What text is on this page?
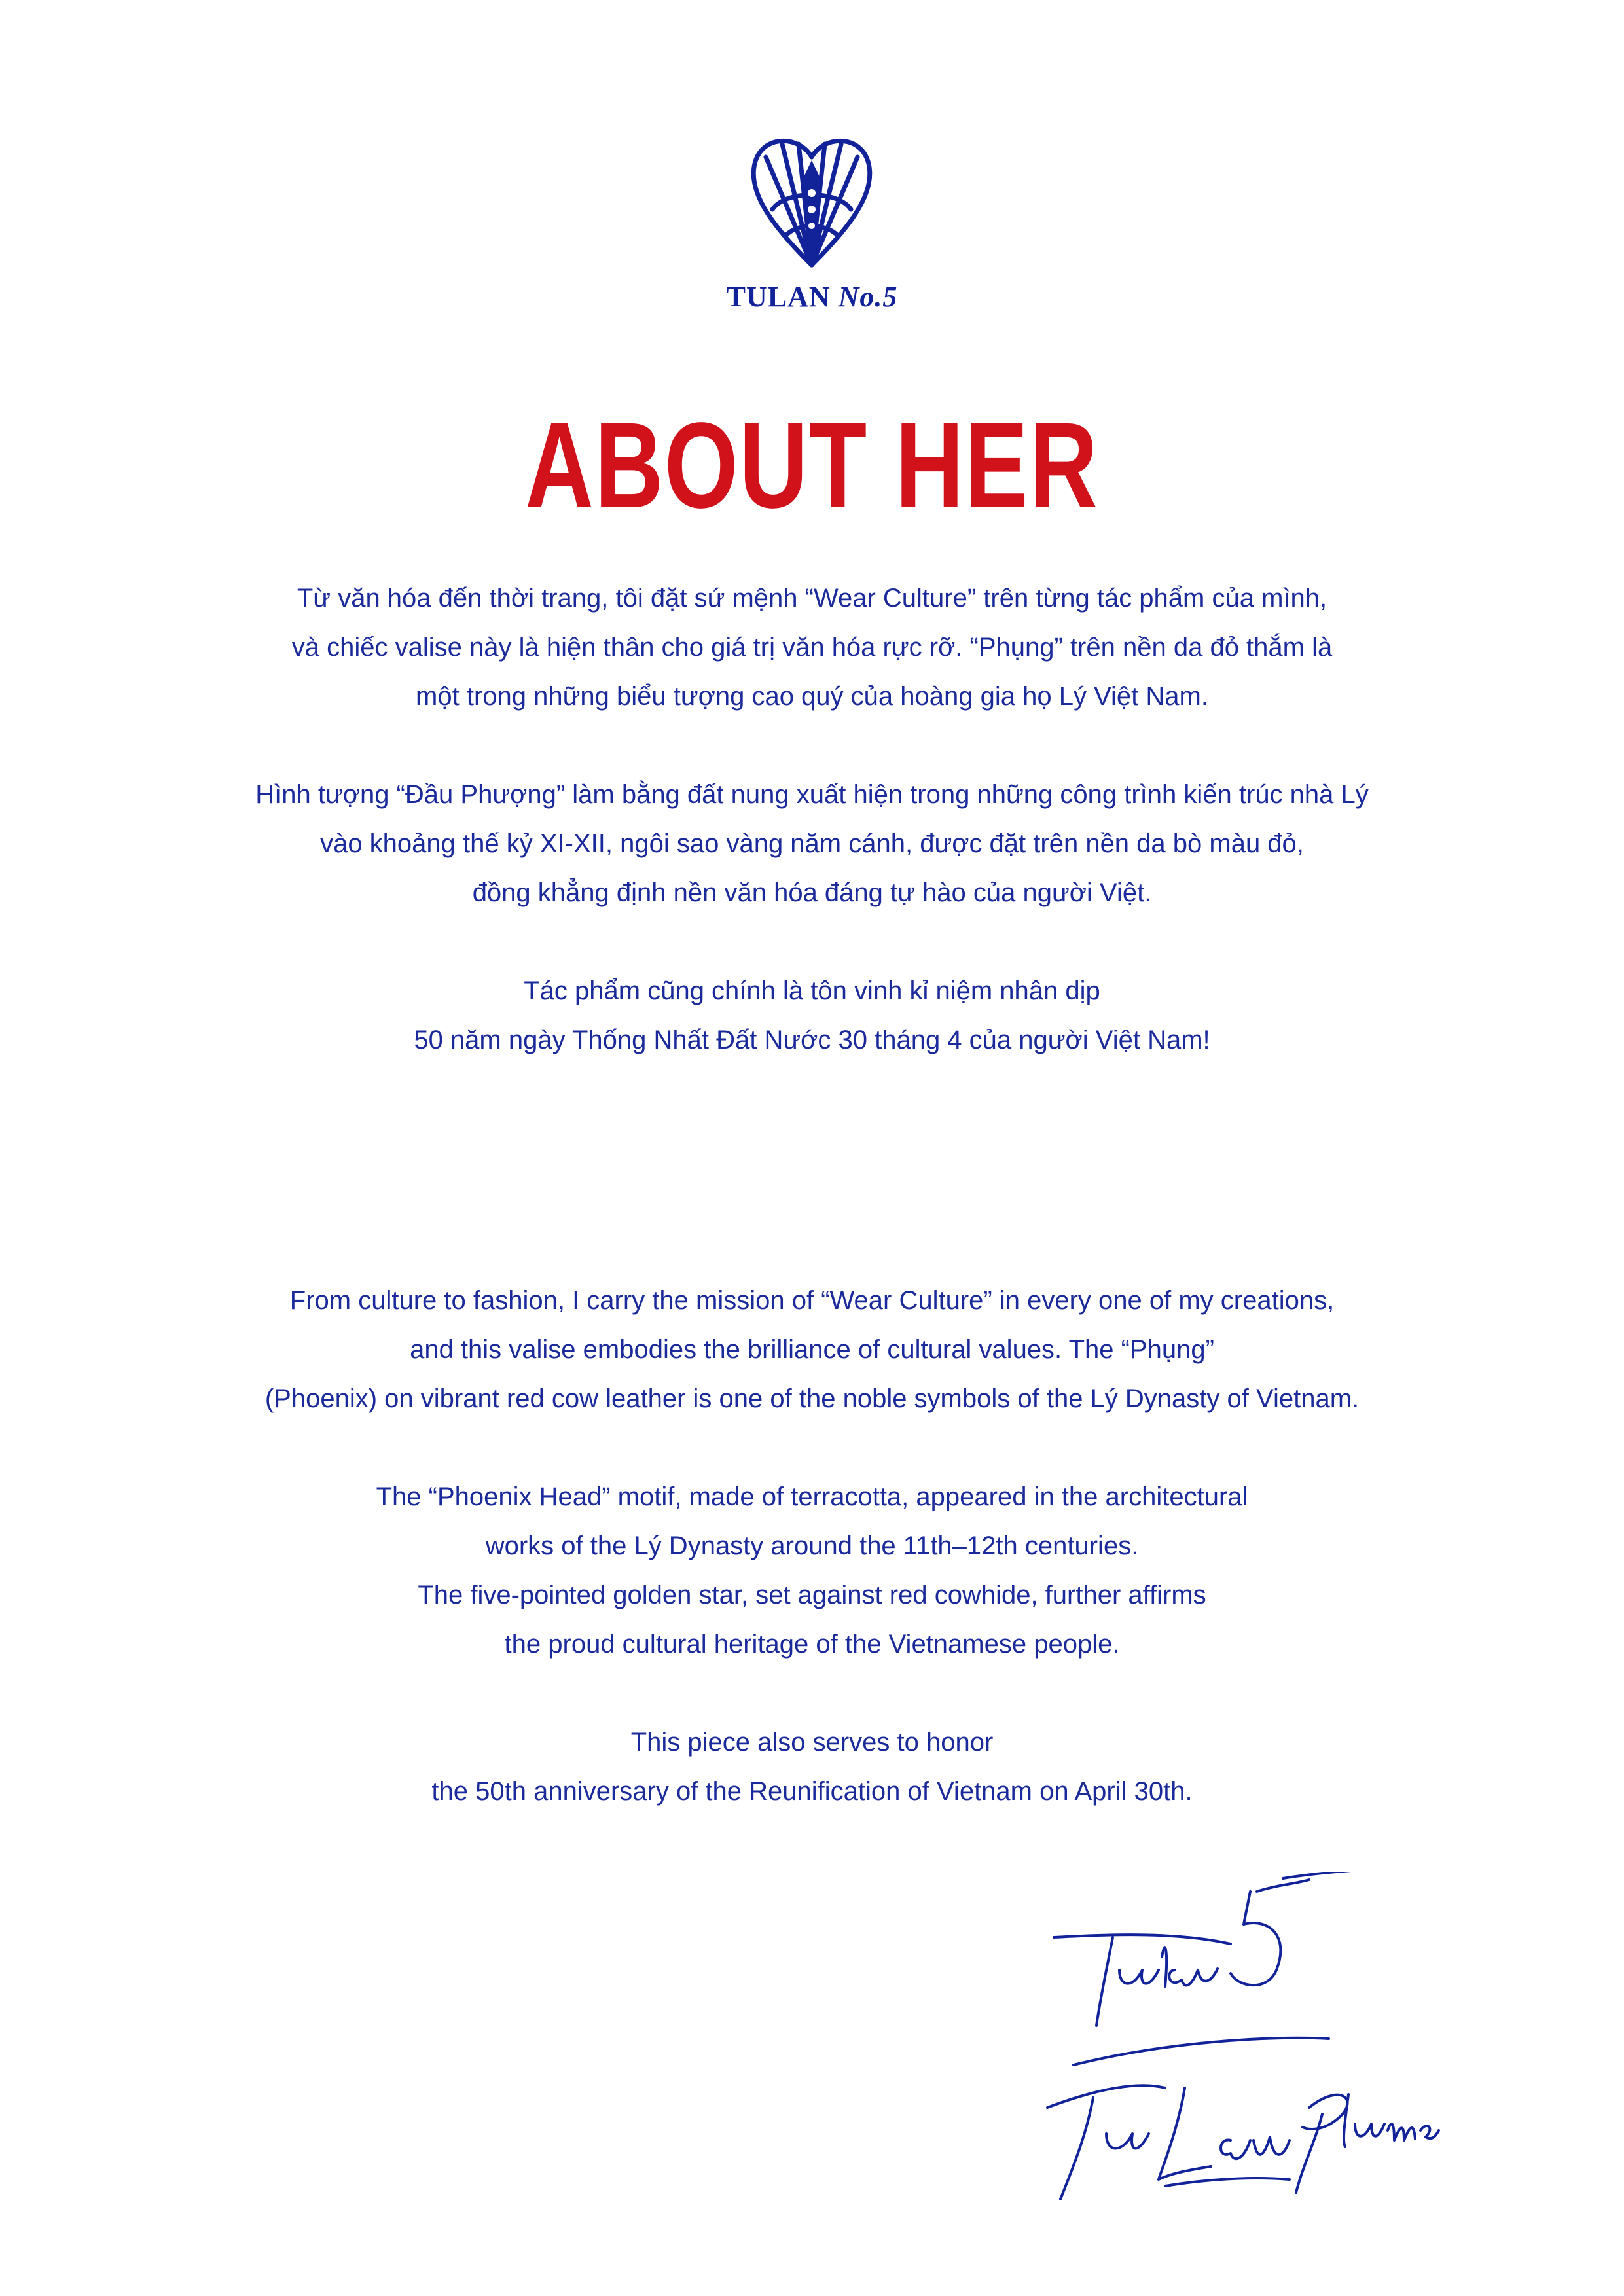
TULAN No.5
ABOUT HER

Từ văn hóa đến thời trang, tôi đặt sứ mệnh “Wear Culture” trên từng tác phẩm của mình,
và chiếc valise này là hiện thân cho giá trị văn hóa rực rỡ. “Phụng” trên nền da đỏ thắm là
một trong những biểu tượng cao quý của hoàng gia họ Lý Việt Nam.

Hình tượng “Đầu Phượng” làm bằng đất nung xuất hiện trong những công trình kiến trúc nhà Lý
vào khoảng thế kỷ XI-XII, ngôi sao vàng năm cánh, được đặt trên nền da bò màu đỏ,
đồng khẳng định nền văn hóa đáng tự hào của người Việt.

Tác phẩm cũng chính là tôn vinh kỉ niệm nhân dịp
50 năm ngày Thống Nhất Đất Nước 30 tháng 4 của người Việt Nam!

From culture to fashion, I carry the mission of “Wear Culture” in every one of my creations,
and this valise embodies the brilliance of cultural values. The “Phụng”
(Phoenix) on vibrant red cow leather is one of the noble symbols of the Lý Dynasty of Vietnam.

The “Phoenix Head” motif, made of terracotta, appeared in the architectural
works of the Lý Dynasty around the 11th–12th centuries.
The five-pointed golden star, set against red cowhide, further affirms
the proud cultural heritage of the Vietnamese people.

This piece also serves to honor
the 50th anniversary of the Reunification of Vietnam on April 30th.
